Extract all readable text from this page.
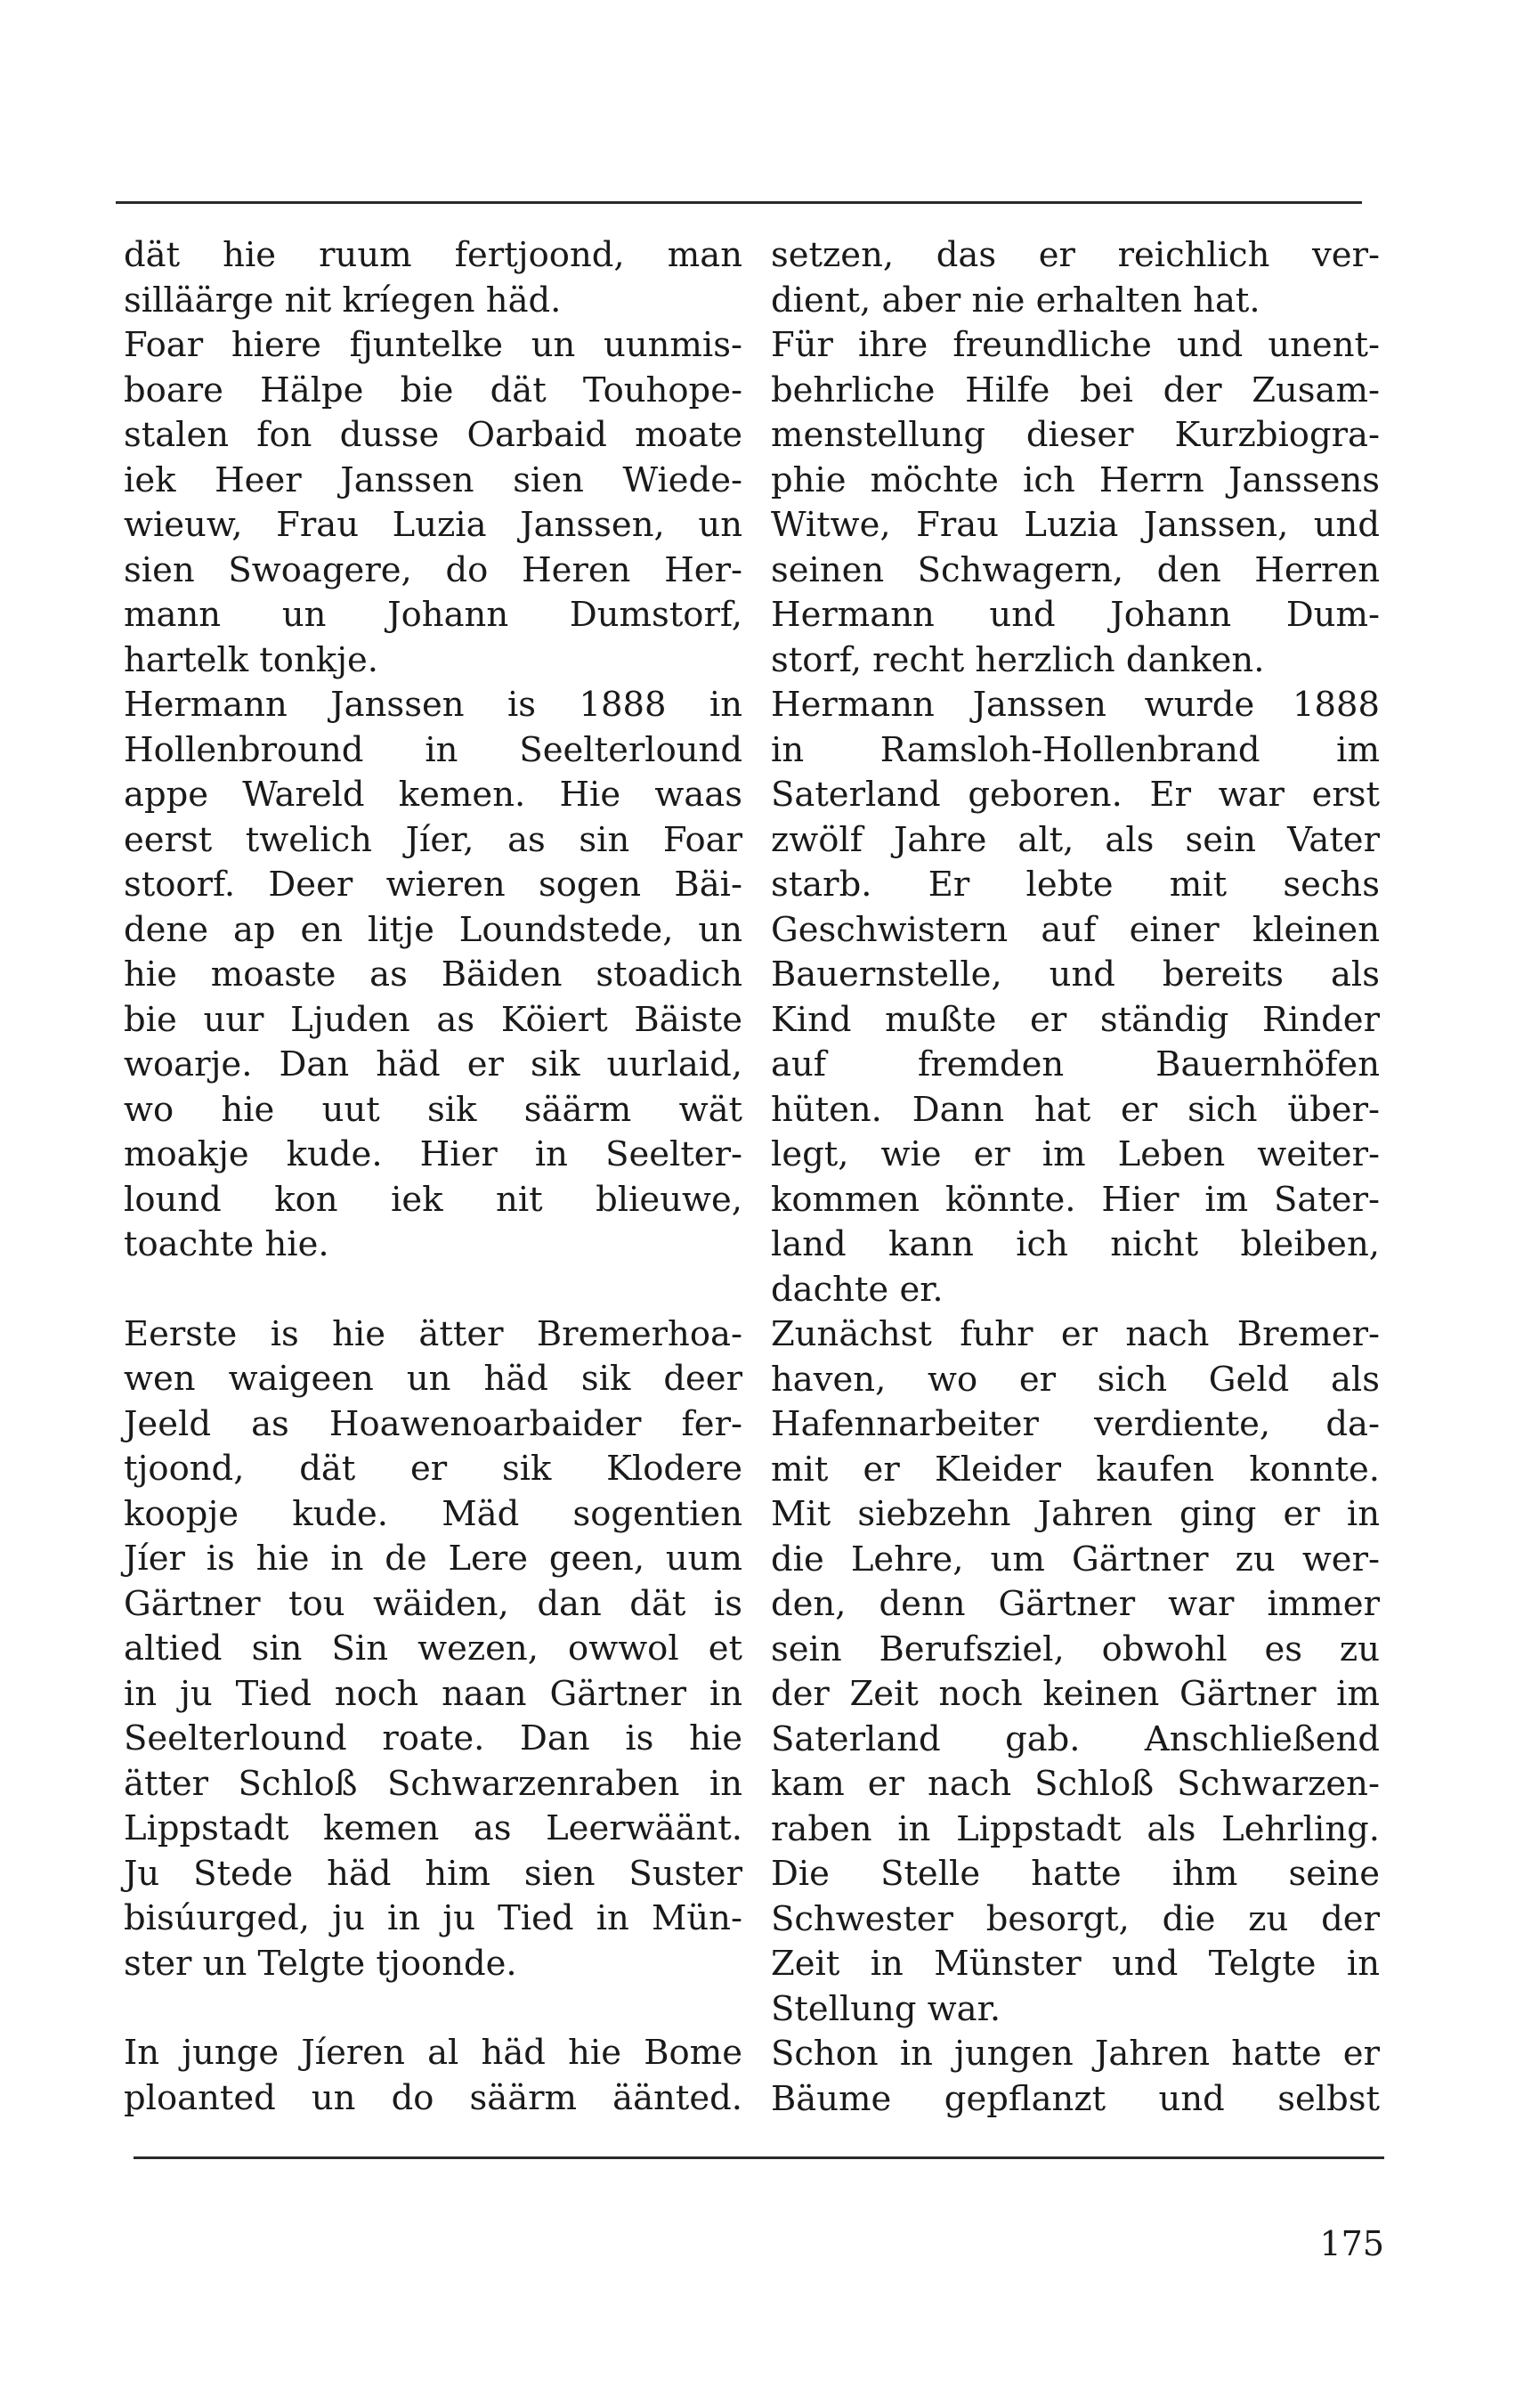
dät hie ruum fertjoond, man
silläärge nit kríegen häd.
Foar hiere fjuntelke un uunmis-
boare Hälpe bie dät Touhope-
stalen fon dusse Oarbaid moate
iek Heer Janssen sien Wiede-
wieuw, Frau Luzia Janssen, un
sien Swoagere, do Heren Her-
mann un Johann Dumstorf,
hartelk tonkje.
Hermann Janssen is 1888 in
Hollenbround in Seelterlound
appe Wareld kemen. Hie waas
eerst twelich Jíer, as sin Foar
stoorf. Deer wieren sogen Bäi-
dene ap en litje Loundstede, un
hie moaste as Bäiden stoadich
bie uur Ljuden as Köiert Bäiste
woarje. Dan häd er sik uurlaid,
wo hie uut sik säärm wät
moakje kude. Hier in Seelter-
lound kon iek nit blieuwe,
toachte hie.
Eerste is hie ätter Bremerhoa-
wen waigeen un häd sik deer
Jeeld as Hoawenoarbaider fer-
tjoond, dät er sik Klodere
koopje kude. Mäd sogentien
Jíer is hie in de Lere geen, uum
Gärtner tou wäiden, dan dät is
altied sin Sin wezen, owwol et
in ju Tied noch naan Gärtner in
Seelterlound roate. Dan is hie
ätter Schloß Schwarzenraben in
Lippstadt kemen as Leerwäänt.
Ju Stede häd him sien Suster
bisúurged, ju in ju Tied in Mün-
ster un Telgte tjoonde.
In junge Jíeren al häd hie Bome
ploanted un do säärm äänted.
setzen, das er reichlich ver-
dient, aber nie erhalten hat.
Für ihre freundliche und unent-
behrliche Hilfe bei der Zusam-
menstellung dieser Kurzbiogra-
phie möchte ich Herrn Janssens
Witwe, Frau Luzia Janssen, und
seinen Schwagern, den Herren
Hermann und Johann Dum-
storf, recht herzlich danken.
Hermann Janssen wurde 1888
in Ramsloh-Hollenbrand im
Saterland geboren. Er war erst
zwölf Jahre alt, als sein Vater
starb. Er lebte mit sechs
Geschwistern auf einer kleinen
Bauernstelle, und bereits als
Kind mußte er ständig Rinder
auf fremden Bauernhöfen
hüten. Dann hat er sich über-
legt, wie er im Leben weiter-
kommen könnte. Hier im Sater-
land kann ich nicht bleiben,
dachte er.
Zunächst fuhr er nach Bremer-
haven, wo er sich Geld als
Hafennarbeiter verdiente, da-
mit er Kleider kaufen konnte.
Mit siebzehn Jahren ging er in
die Lehre, um Gärtner zu wer-
den, denn Gärtner war immer
sein Berufsziel, obwohl es zu
der Zeit noch keinen Gärtner im
Saterland gab. Anschließend
kam er nach Schloß Schwarzen-
raben in Lippstadt als Lehrling.
Die Stelle hatte ihm seine
Schwester besorgt, die zu der
Zeit in Münster und Telgte in
Stellung war.
Schon in jungen Jahren hatte er
Bäume gepflanzt und selbst
175
